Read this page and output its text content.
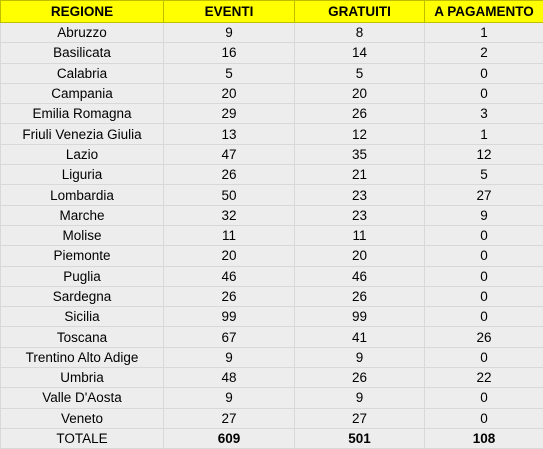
REGIONE	EVENTI	GRATUITI	A PAGAMENTO
Abruzzo	9	8	1
Basilicata	16	14	2
Calabria	5	5	0
Campania	20	20	0
Emilia Romagna	29	26	3
Friuli Venezia Giulia	13	12	1
Lazio	47	35	12
Liguria	26	21	5
Lombardia	50	23	27
Marche	32	23	9
Molise	11	11	0
Piemonte	20	20	0
Puglia	46	46	0
Sardegna	26	26	0
Sicilia	99	99	0
Toscana	67	41	26
Trentino Alto Adige	9	9	0
Umbria	48	26	22
Valle D'Aosta	9	9	0
Veneto	27	27	0
TOTALE	609	501	108
